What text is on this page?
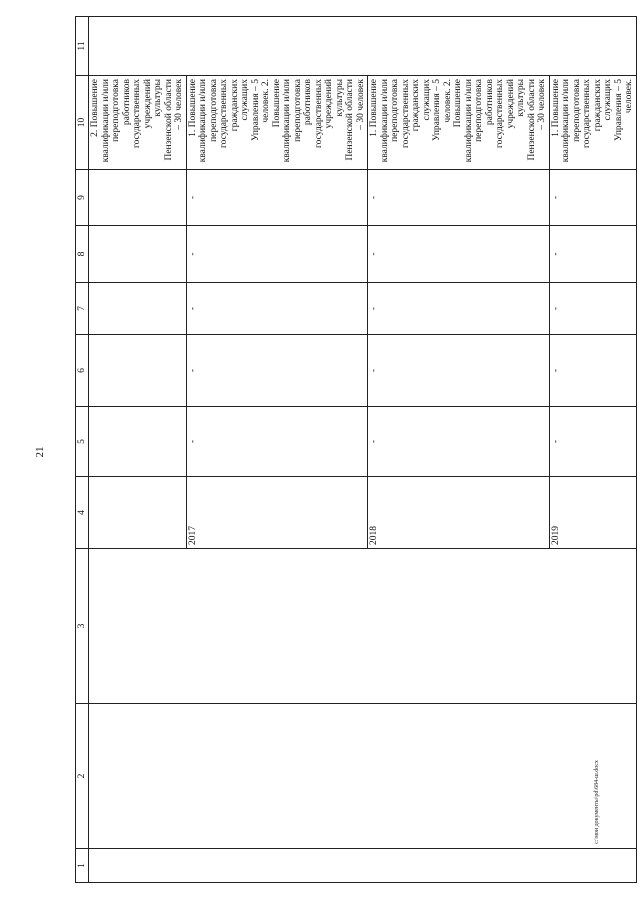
21
1	2	3	4	5	6	7	8	9	10	11
									2. Повышение квалификации и/или переподготовка работников государственных учреждений культуры Пензенской области – 30 человек	
			2017	-	-	-	-	-	1. Повышение квалификации и/или переподготовка государственных гражданских служащих Управления – 5 человек. 2. Повышение квалификации и/или переподготовка работников государственных учреждений культуры Пензенской области – 30 человек	
			2018	-	-	-	-	-	1. Повышение квалификации и/или переподготовка государственных гражданских служащих Управления – 5 человек. 2. Повышение квалификации и/или переподготовка работников государственных учреждений культуры Пензенской области – 30 человек	
			2019	-	-	-	-	-	1. Повышение квалификации и/или переподготовка государственных гражданских служащих Управления – 5 человек.	
c:\мои документы\pd\684-ш.docx
